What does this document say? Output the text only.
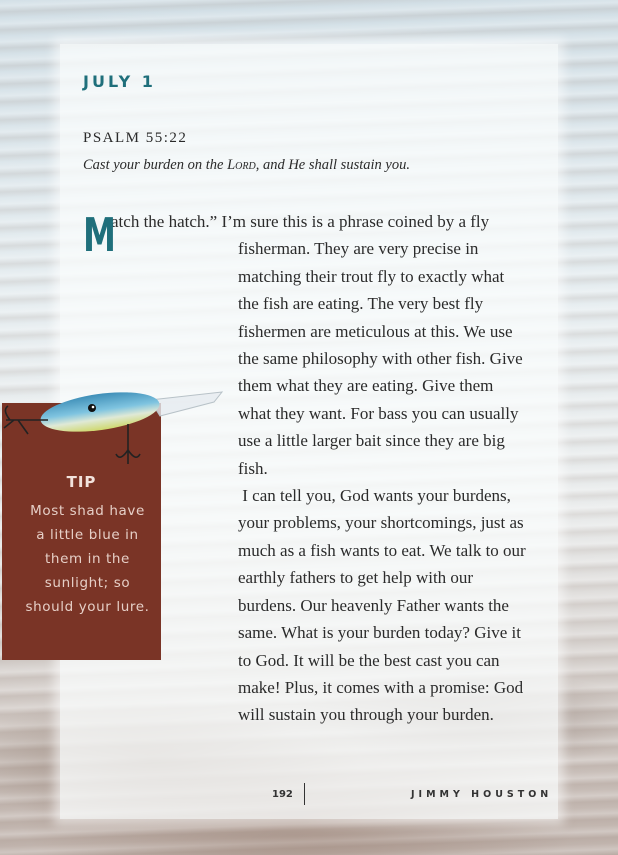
JULY 1
PSALM 55:22
Cast your burden on the Lord, and He shall sustain you.
M

atch the hatch.” I’m sure this is a phrase coined by a fly fisherman. They are very precise in matching their trout fly to exactly what the fish are eating. The very best fly fishermen are meticulous at this. We use the same philosophy with other fish. Give them what they are eating. Give them what they want. For bass you can usually use a little larger bait since they are big fish.

I can tell you, God wants your burdens, your problems, your shortcomings, just as much as a fish wants to eat. We talk to our earthly fathers to get help with our burdens. Our heavenly Father wants the same. What is your burden today? Give it to God. It will be the best cast you can make! Plus, it comes with a promise: God will sustain you through your burden.

TIP
Most shad have a little blue in them in the sunlight; so should your lure.
192	JIMMY HOUSTON
